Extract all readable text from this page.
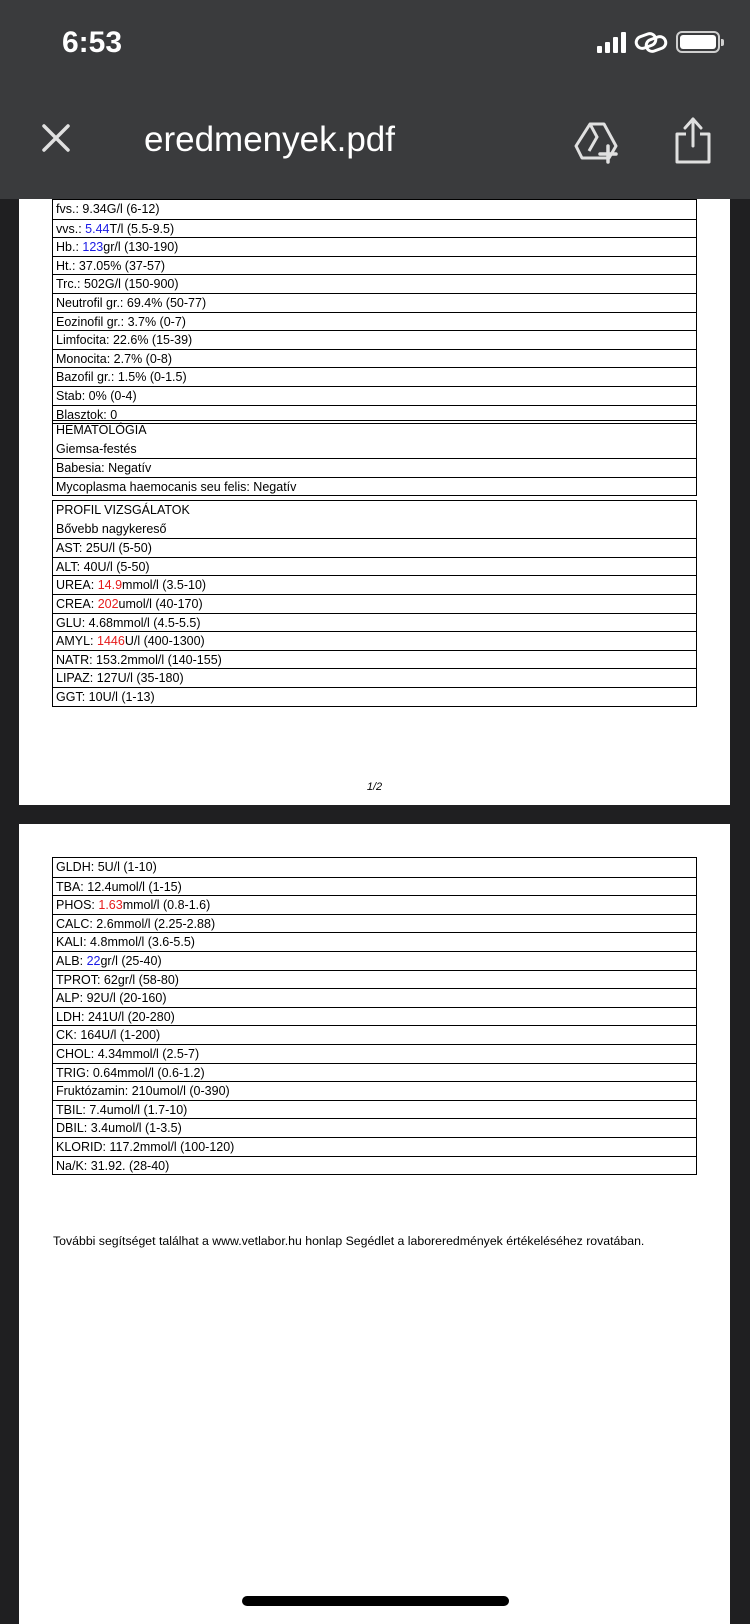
6:53
eredmenyek.pdf
fvs.: 9.34G/l (6-12)
vvs.: 5.44T/l (5.5-9.5)
Hb.: 123gr/l (130-190)
Ht.: 37.05% (37-57)
Trc.: 502G/l (150-900)
Neutrofil gr.: 69.4% (50-77)
Eozinofil gr.: 3.7% (0-7)
Limfocita: 22.6% (15-39)
Monocita: 2.7% (0-8)
Bazofil gr.: 1.5% (0-1.5)
Stab: 0% (0-4)
Blasztok: 0
HEMATOLÓGIA
Giemsa-festés
Babesia: Negatív
Mycoplasma haemocanis seu felis: Negatív
PROFIL VIZSGÁLATOK
Bővebb nagykereső
AST: 25U/l (5-50)
ALT: 40U/l (5-50)
UREA: 14.9mmol/l (3.5-10)
CREA: 202umol/l (40-170)
GLU: 4.68mmol/l (4.5-5.5)
AMYL: 1446U/l (400-1300)
NATR: 153.2mmol/l (140-155)
LIPAZ: 127U/l (35-180)
GGT: 10U/l (1-13)
1/2
GLDH: 5U/l (1-10)
TBA: 12.4umol/l (1-15)
PHOS: 1.63mmol/l (0.8-1.6)
CALC: 2.6mmol/l (2.25-2.88)
KALI: 4.8mmol/l (3.6-5.5)
ALB: 22gr/l (25-40)
TPROT: 62gr/l (58-80)
ALP: 92U/l (20-160)
LDH: 241U/l (20-280)
CK: 164U/l (1-200)
CHOL: 4.34mmol/l (2.5-7)
TRIG: 0.64mmol/l (0.6-1.2)
Fruktózamin: 210umol/l (0-390)
TBIL: 7.4umol/l (1.7-10)
DBIL: 3.4umol/l (1-3.5)
KLORID: 117.2mmol/l (100-120)
Na/K: 31.92. (28-40)
További segítséget találhat a www.vetlabor.hu honlap Segédlet a laboreredmények értékeléséhez rovatában.
